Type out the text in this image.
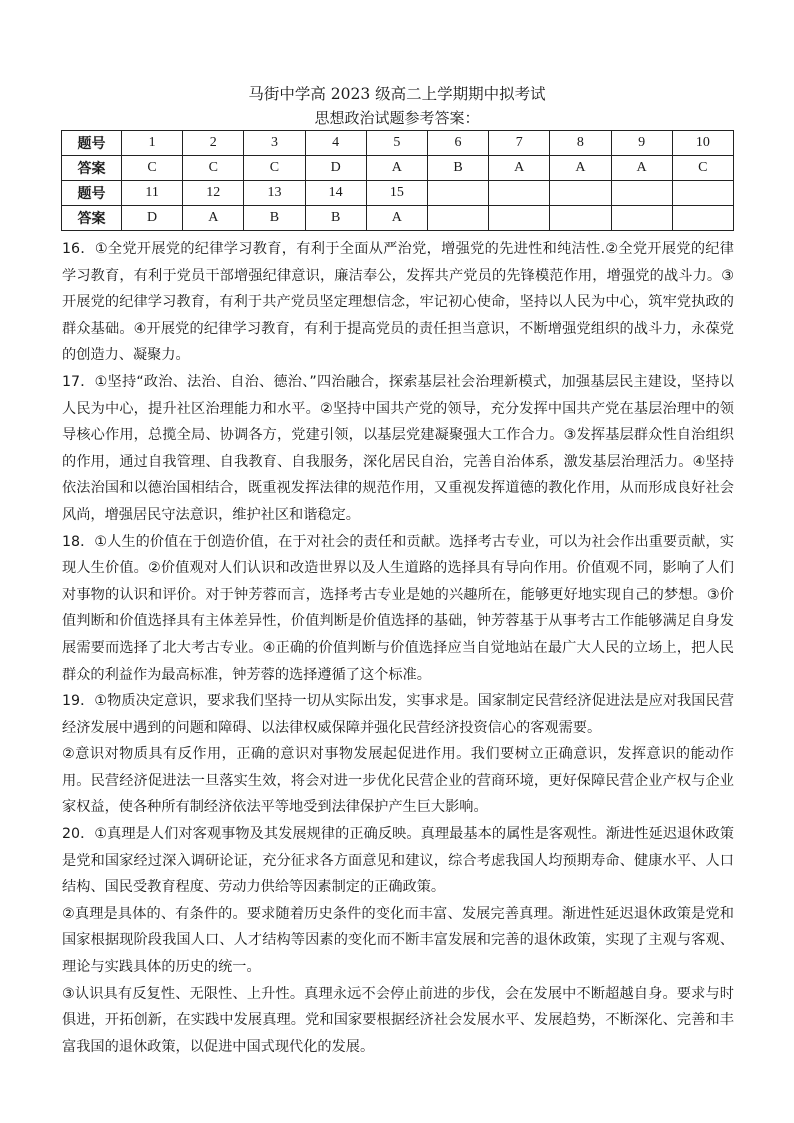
马街中学高 2023 级高二上学期期中拟考试
思想政治试题参考答案：
题号	1	2	3	4	5	6	7	8	9	10
答案	C	C	C	D	A	B	A	A	A	C
题号	11	12	13	14	15					
答案	D	A	B	B	A					

16．①全党开展党的纪律学习教育，有利于全面从严治党，增强党的先进性和纯洁性.②全党开展党的纪律学习教育，有利于党员干部增强纪律意识，廉洁奉公，发挥共产党员的先锋模范作用，增强党的战斗力。③开展党的纪律学习教育，有利于共产党员坚定理想信念，牢记初心使命，坚持以人民为中心，筑牢党执政的群众基础。④开展党的纪律学习教育，有利于提高党员的责任担当意识，不断增强党组织的战斗力，永葆党的创造力、凝聚力。

17．①坚持“政治、法治、自治、德治、”四治融合，探索基层社会治理新模式，加强基层民主建设，坚持以人民为中心，提升社区治理能力和水平。②坚持中国共产党的领导，充分发挥中国共产党在基层治理中的领导核心作用，总揽全局、协调各方，党建引领，以基层党建凝聚强大工作合力。③发挥基层群众性自治组织的作用，通过自我管理、自我教育、自我服务，深化居民自治，完善自治体系，激发基层治理活力。④坚持依法治国和以德治国相结合，既重视发挥法律的规范作用，又重视发挥道德的教化作用，从而形成良好社会风尚，增强居民守法意识，维护社区和谐稳定。

18．①人生的价值在于创造价值，在于对社会的责任和贡献。选择考古专业，可以为社会作出重要贡献，实现人生价值。②价值观对人们认识和改造世界以及人生道路的选择具有导向作用。价值观不同，影响了人们对事物的认识和评价。对于钟芳蓉而言，选择考古专业是她的兴趣所在，能够更好地实现自己的梦想。③价值判断和价值选择具有主体差异性，价值判断是价值选择的基础，钟芳蓉基于从事考古工作能够满足自身发展需要而选择了北大考古专业。④正确的价值判断与价值选择应当自觉地站在最广大人民的立场上，把人民群众的利益作为最高标准，钟芳蓉的选择遵循了这个标准。

19．①物质决定意识，要求我们坚持一切从实际出发，实事求是。国家制定民营经济促进法是应对我国民营经济发展中遇到的问题和障碍、以法律权威保障并强化民营经济投资信心的客观需要。

②意识对物质具有反作用，正确的意识对事物发展起促进作用。我们要树立正确意识，发挥意识的能动作用。民营经济促进法一旦落实生效，将会对进一步优化民营企业的营商环境，更好保障民营企业产权与企业家权益，使各种所有制经济依法平等地受到法律保护产生巨大影响。

20．①真理是人们对客观事物及其发展规律的正确反映。真理最基本的属性是客观性。渐进性延迟退休政策是党和国家经过深入调研论证，充分征求各方面意见和建议，综合考虑我国人均预期寿命、健康水平、人口结构、国民受教育程度、劳动力供给等因素制定的正确政策。

②真理是具体的、有条件的。要求随着历史条件的变化而丰富、发展完善真理。渐进性延迟退休政策是党和国家根据现阶段我国人口、人才结构等因素的变化而不断丰富发展和完善的退休政策，实现了主观与客观、理论与实践具体的历史的统一。

③认识具有反复性、无限性、上升性。真理永远不会停止前进的步伐，会在发展中不断超越自身。要求与时俱进，开拓创新，在实践中发展真理。党和国家要根据经济社会发展水平、发展趋势，不断深化、完善和丰富我国的退休政策，以促进中国式现代化的发展。
